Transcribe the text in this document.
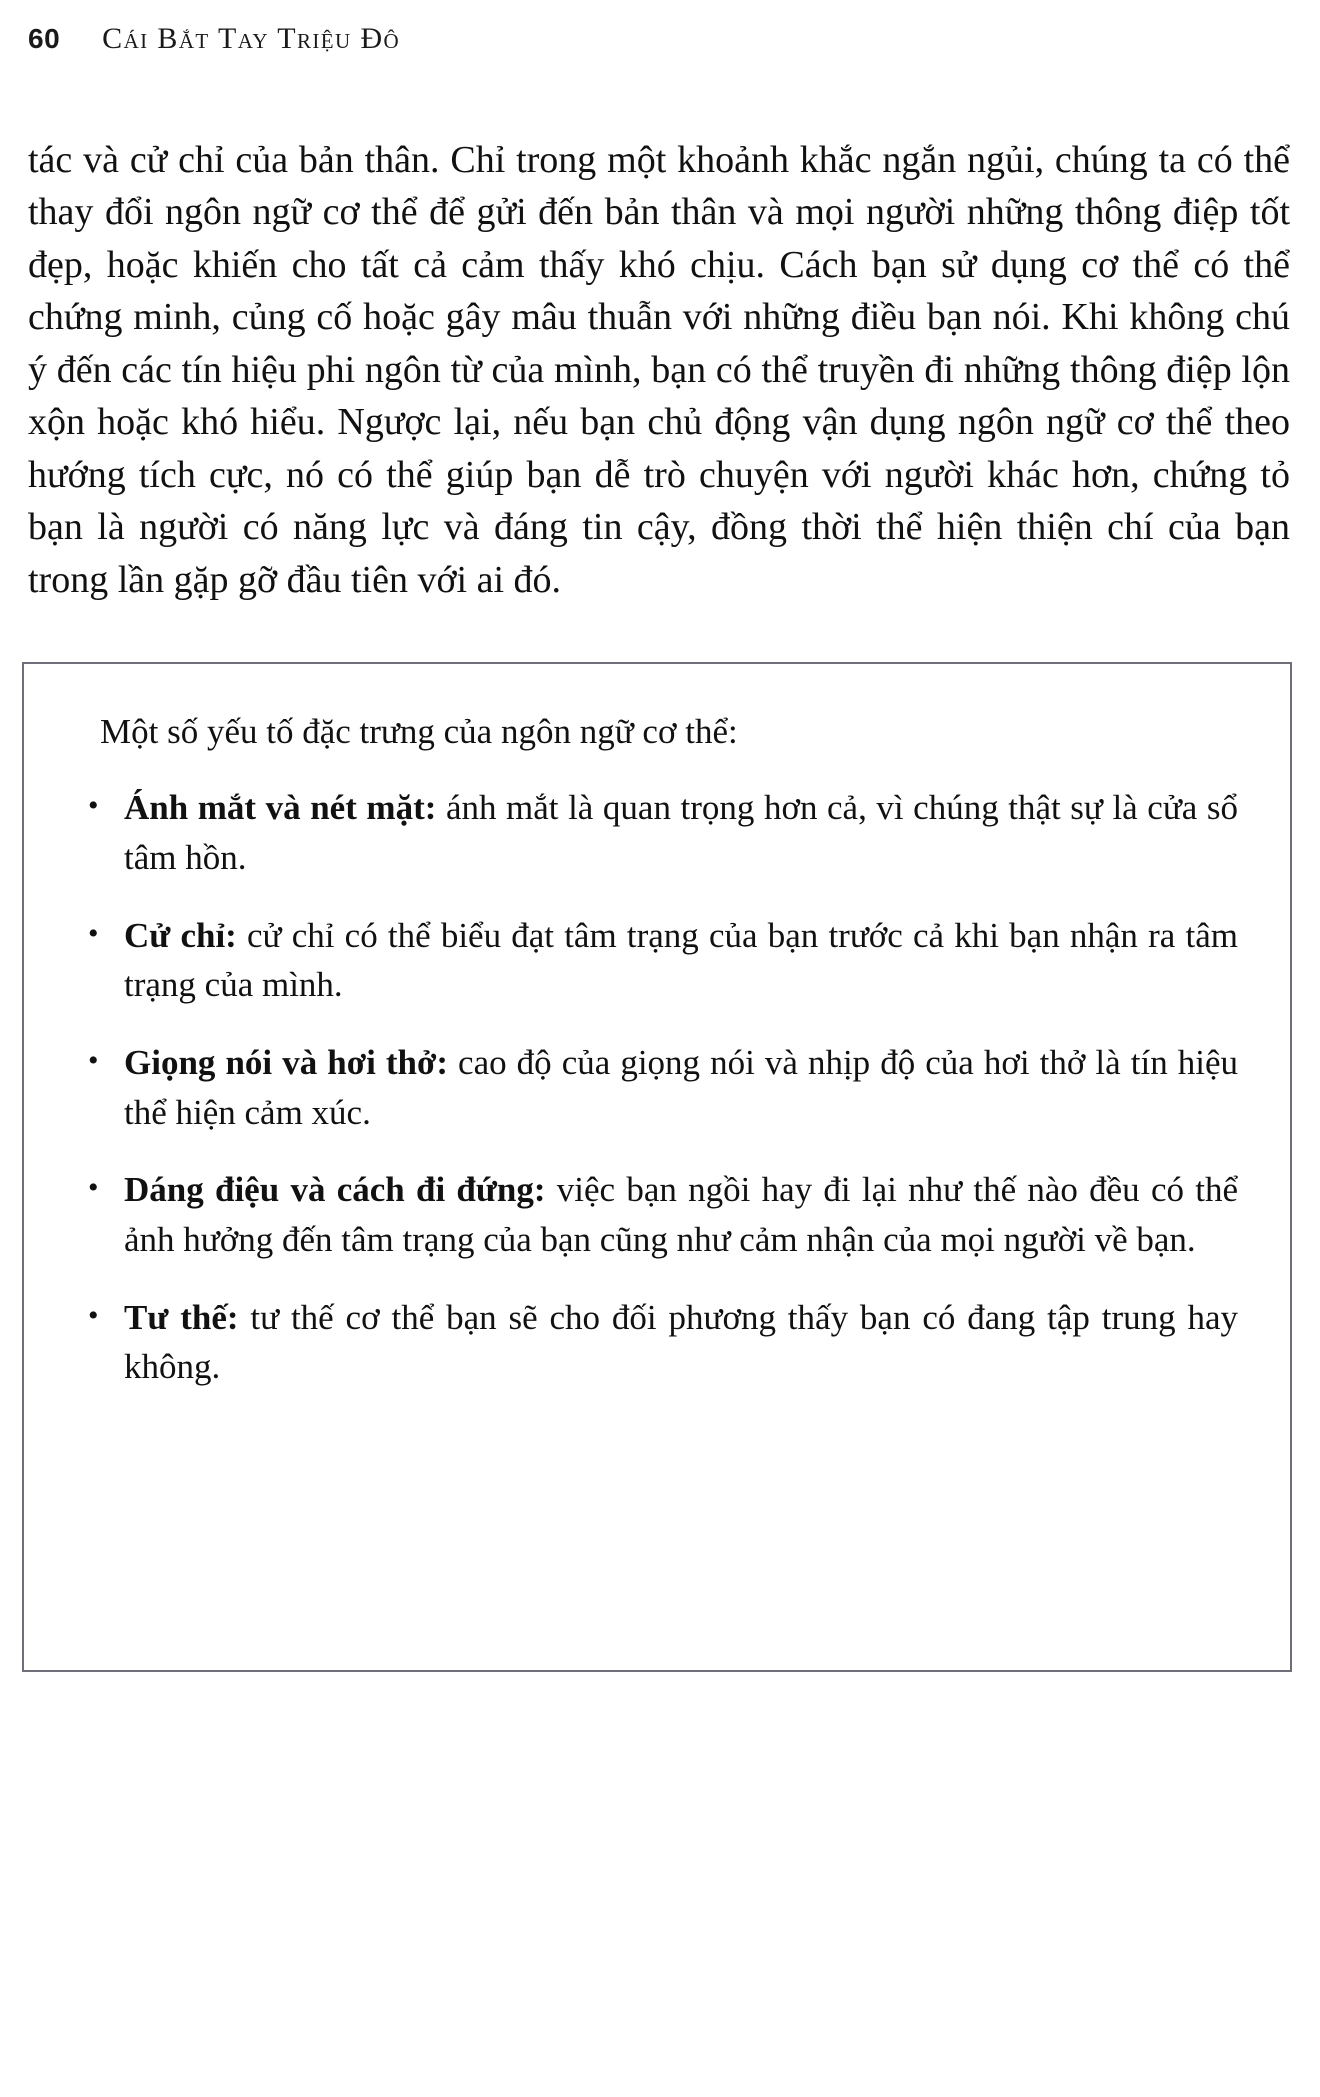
60 Cái Bắt Tay Triệu Đô

tác và cử chỉ của bản thân. Chỉ trong một khoảnh khắc ngắn ngủi, chúng ta có thể thay đổi ngôn ngữ cơ thể để gửi đến bản thân và mọi người những thông điệp tốt đẹp, hoặc khiến cho tất cả cảm thấy khó chịu. Cách bạn sử dụng cơ thể có thể chứng minh, củng cố hoặc gây mâu thuẫn với những điều bạn nói. Khi không chú ý đến các tín hiệu phi ngôn từ của mình, bạn có thể truyền đi những thông điệp lộn xộn hoặc khó hiểu. Ngược lại, nếu bạn chủ động vận dụng ngôn ngữ cơ thể theo hướng tích cực, nó có thể giúp bạn dễ trò chuyện với người khác hơn, chứng tỏ bạn là người có năng lực và đáng tin cậy, đồng thời thể hiện thiện chí của bạn trong lần gặp gỡ đầu tiên với ai đó.

Một số yếu tố đặc trưng của ngôn ngữ cơ thể:

• Ánh mắt và nét mặt: ánh mắt là quan trọng hơn cả, vì chúng thật sự là cửa sổ tâm hồn.
• Cử chỉ: cử chỉ có thể biểu đạt tâm trạng của bạn trước cả khi bạn nhận ra tâm trạng của mình.
• Giọng nói và hơi thở: cao độ của giọng nói và nhịp độ của hơi thở là tín hiệu thể hiện cảm xúc.
• Dáng điệu và cách đi đứng: việc bạn ngồi hay đi lại như thế nào đều có thể ảnh hưởng đến tâm trạng của bạn cũng như cảm nhận của mọi người về bạn.
• Tư thế: tư thế cơ thể bạn sẽ cho đối phương thấy bạn có đang tập trung hay không.
